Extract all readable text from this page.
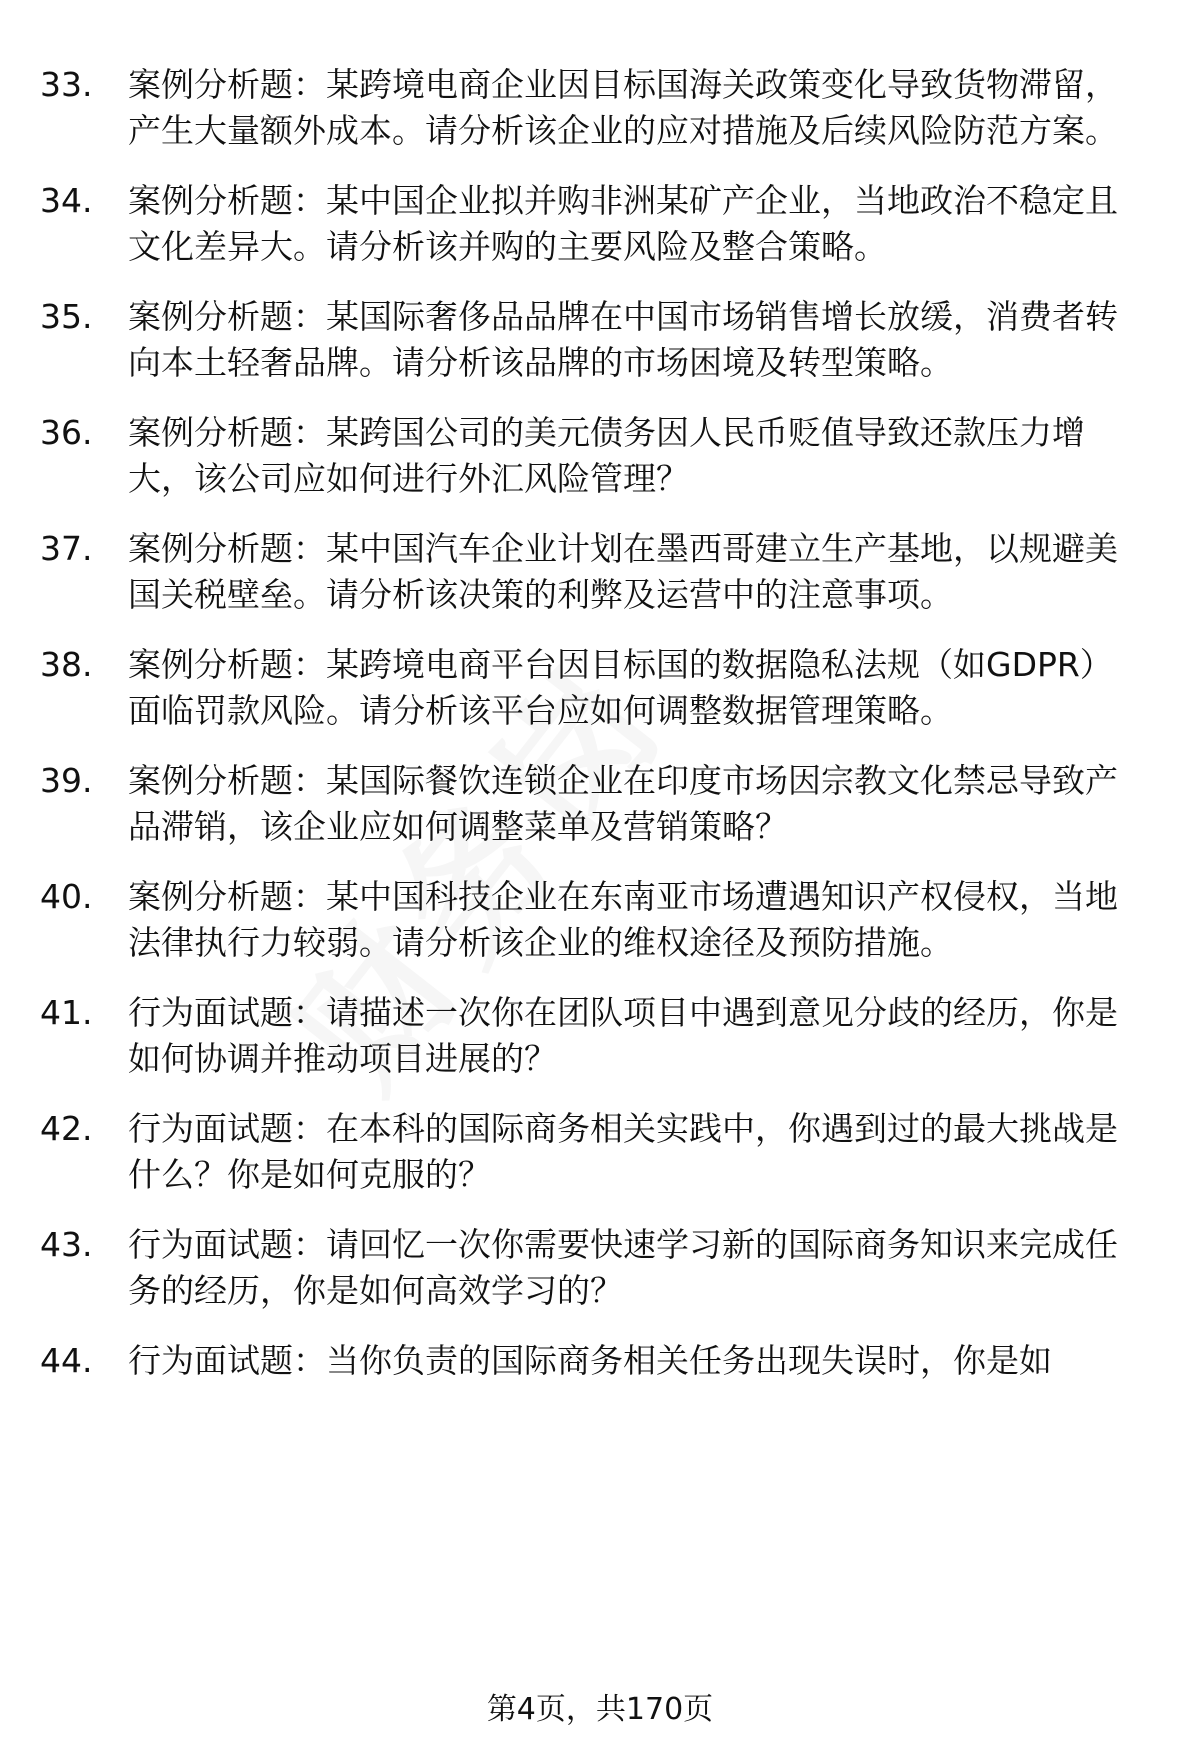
33.	案例分析题：某跨境电商企业因目标国海关政策变化导致货物滞留，产生大量额外成本。请分析该企业的应对措施及后续风险防范方案。
34.	案例分析题：某中国企业拟并购非洲某矿产企业，当地政治不稳定且文化差异大。请分析该并购的主要风险及整合策略。
35.	案例分析题：某国际奢侈品品牌在中国市场销售增长放缓，消费者转向本土轻奢品牌。请分析该品牌的市场困境及转型策略。
36.	案例分析题：某跨国公司的美元债务因人民币贬值导致还款压力增大，该公司应如何进行外汇风险管理？
37.	案例分析题：某中国汽车企业计划在墨西哥建立生产基地，以规避美国关税壁垒。请分析该决策的利弊及运营中的注意事项。
38.	案例分析题：某跨境电商平台因目标国的数据隐私法规（如GDPR）面临罚款风险。请分析该平台应如何调整数据管理策略。
39.	案例分析题：某国际餐饮连锁企业在印度市场因宗教文化禁忌导致产品滞销，该企业应如何调整菜单及营销策略？
40.	案例分析题：某中国科技企业在东南亚市场遭遇知识产权侵权，当地法律执行力较弱。请分析该企业的维权途径及预防措施。
41.	行为面试题：请描述一次你在团队项目中遇到意见分歧的经历，你是如何协调并推动项目进展的？
42.	行为面试题：在本科的国际商务相关实践中，你遇到过的最大挑战是什么？你是如何克服的？
43.	行为面试题：请回忆一次你需要快速学习新的国际商务知识来完成任务的经历，你是如何高效学习的？
44.	行为面试题：当你负责的国际商务相关任务出现失误时，你是如
第4页，共170页
